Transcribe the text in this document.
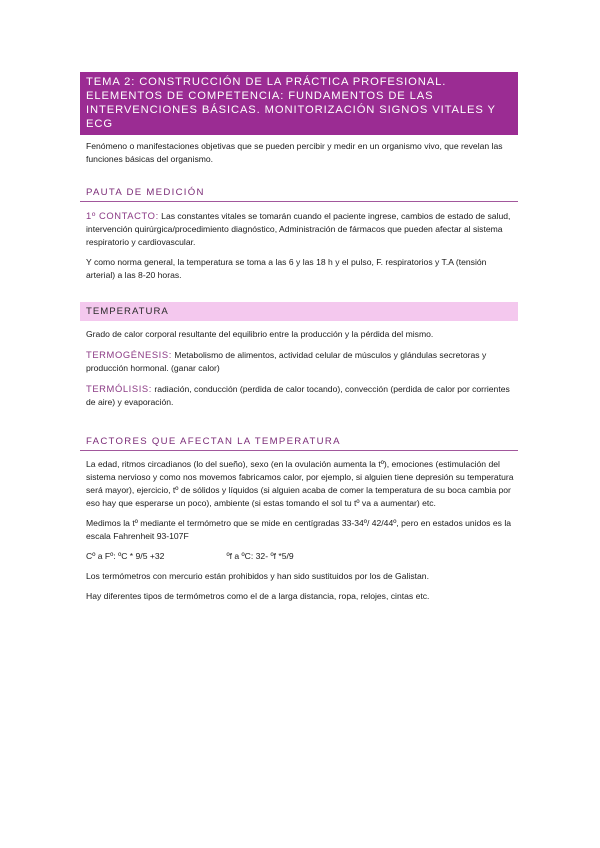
TEMA 2: CONSTRUCCIÓN DE LA PRÁCTICA PROFESIONAL. ELEMENTOS DE COMPETENCIA: FUNDAMENTOS DE LAS INTERVENCIONES BÁSICAS. MONITORIZACIÓN SIGNOS VITALES Y ECG
Fenómeno o manifestaciones objetivas que se pueden percibir y medir en un organismo vivo, que revelan las funciones básicas del organismo.
PAUTA DE MEDICIÓN

1º CONTACTO: Las constantes vitales se tomarán cuando el paciente ingrese, cambios de estado de salud, intervención quirúrgica/procedimiento diagnóstico, Administración de fármacos que pueden afectar al sistema respiratorio y cardiovascular.

Y como norma general, la temperatura se toma a las 6 y las 18 h y el pulso, F. respiratorios y T.A (tensión arterial) a las 8-20 horas.

TEMPERATURA

Grado de calor corporal resultante del equilibrio entre la producción y la pérdida del mismo.

TERMOGÉNESIS: Metabolismo de alimentos, actividad celular de músculos y glándulas secretoras y producción hormonal. (ganar calor)

TERMÓLISIS: radiación, conducción (perdida de calor tocando), convección (perdida de calor por corrientes de aire) y evaporación.

FACTORES QUE AFECTAN LA TEMPERATURA

La edad, ritmos circadianos (lo del sueño), sexo (en la ovulación aumenta la tº), emociones (estimulación del sistema nervioso y como nos movemos fabricamos calor, por ejemplo, si alguien tiene depresión su temperatura será mayor), ejercicio, tº de sólidos y líquidos (si alguien acaba de comer la temperatura de su boca cambia por eso hay que esperarse un poco), ambiente (si estas tomando el sol tu tº va a aumentar) etc.

Medimos la tº mediante el termómetro que se mide en centígradas 33-34º/ 42/44º, pero en estados unidos es la escala Fahrenheit 93-107F

Cº a Fº: ºC * 9/5 +32	ºf a ºC: 32- ºf *5/9

Los termómetros con mercurio están prohibidos y han sido sustituidos por los de Galistan.

Hay diferentes tipos de termómetros como el de a larga distancia, ropa, relojes, cintas etc.
